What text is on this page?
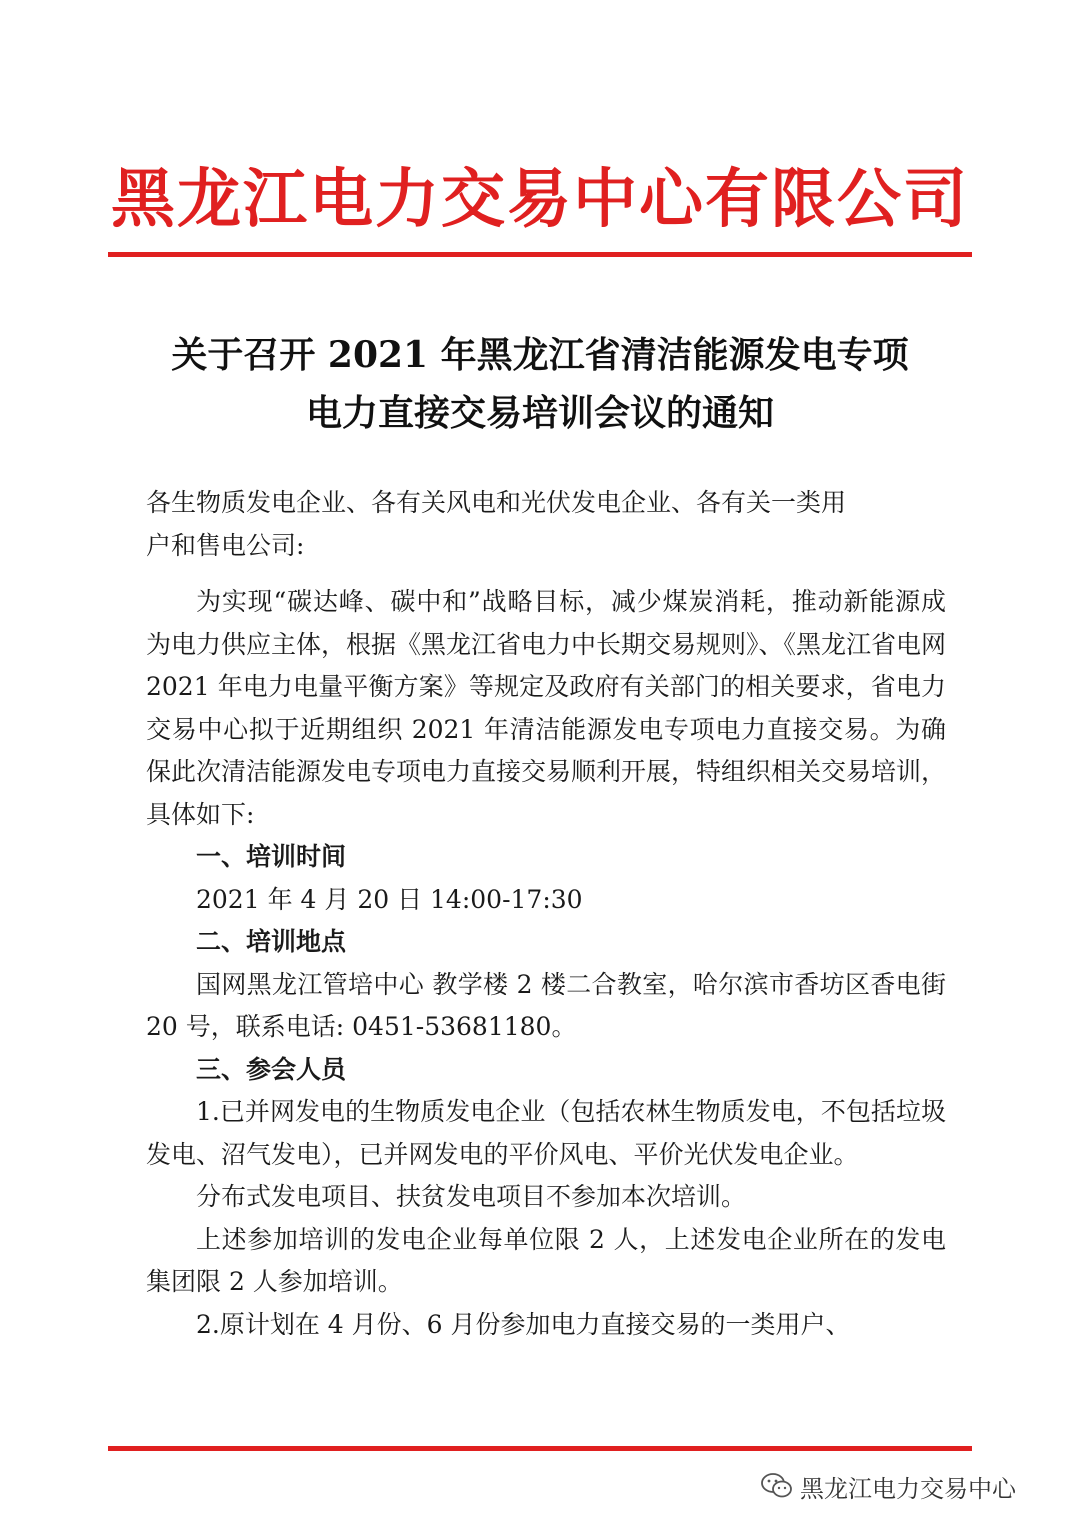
黑龙江电力交易中心有限公司
关于召开 2021 年黑龙江省清洁能源发电专项
电力直接交易培训会议的通知

各生物质发电企业、各有关风电和光伏发电企业、各有关一类用

户和售电公司:

为实现“碳达峰、碳中和”战略目标，减少煤炭消耗，推动新能源成为电力供应主体，根据《黑龙江省电力中长期交易规则》、《黑龙江省电网 2021 年电力电量平衡方案》等规定及政府有关部门的相关要求，省电力交易中心拟于近期组织 2021 年清洁能源发电专项电力直接交易。为确保此次清洁能源发电专项电力直接交易顺利开展，特组织相关交易培训，具体如下:

一、培训时间

2021 年 4 月 20 日 14:00-17:30

二、培训地点

国网黑龙江管培中心 教学楼 2 楼二合教室，哈尔滨市香坊区香电街 20 号，联系电话: 0451-53681180。

三、参会人员

1.已并网发电的生物质发电企业（包括农林生物质发电，不包括垃圾发电、沼气发电），已并网发电的平价风电、平价光伏发电企业。

分布式发电项目、扶贫发电项目不参加本次培训。

上述参加培训的发电企业每单位限 2 人，上述发电企业所在的发电集团限 2 人参加培训。

2.原计划在 4 月份、6 月份参加电力直接交易的一类用户、

黑龙江电力交易中心
